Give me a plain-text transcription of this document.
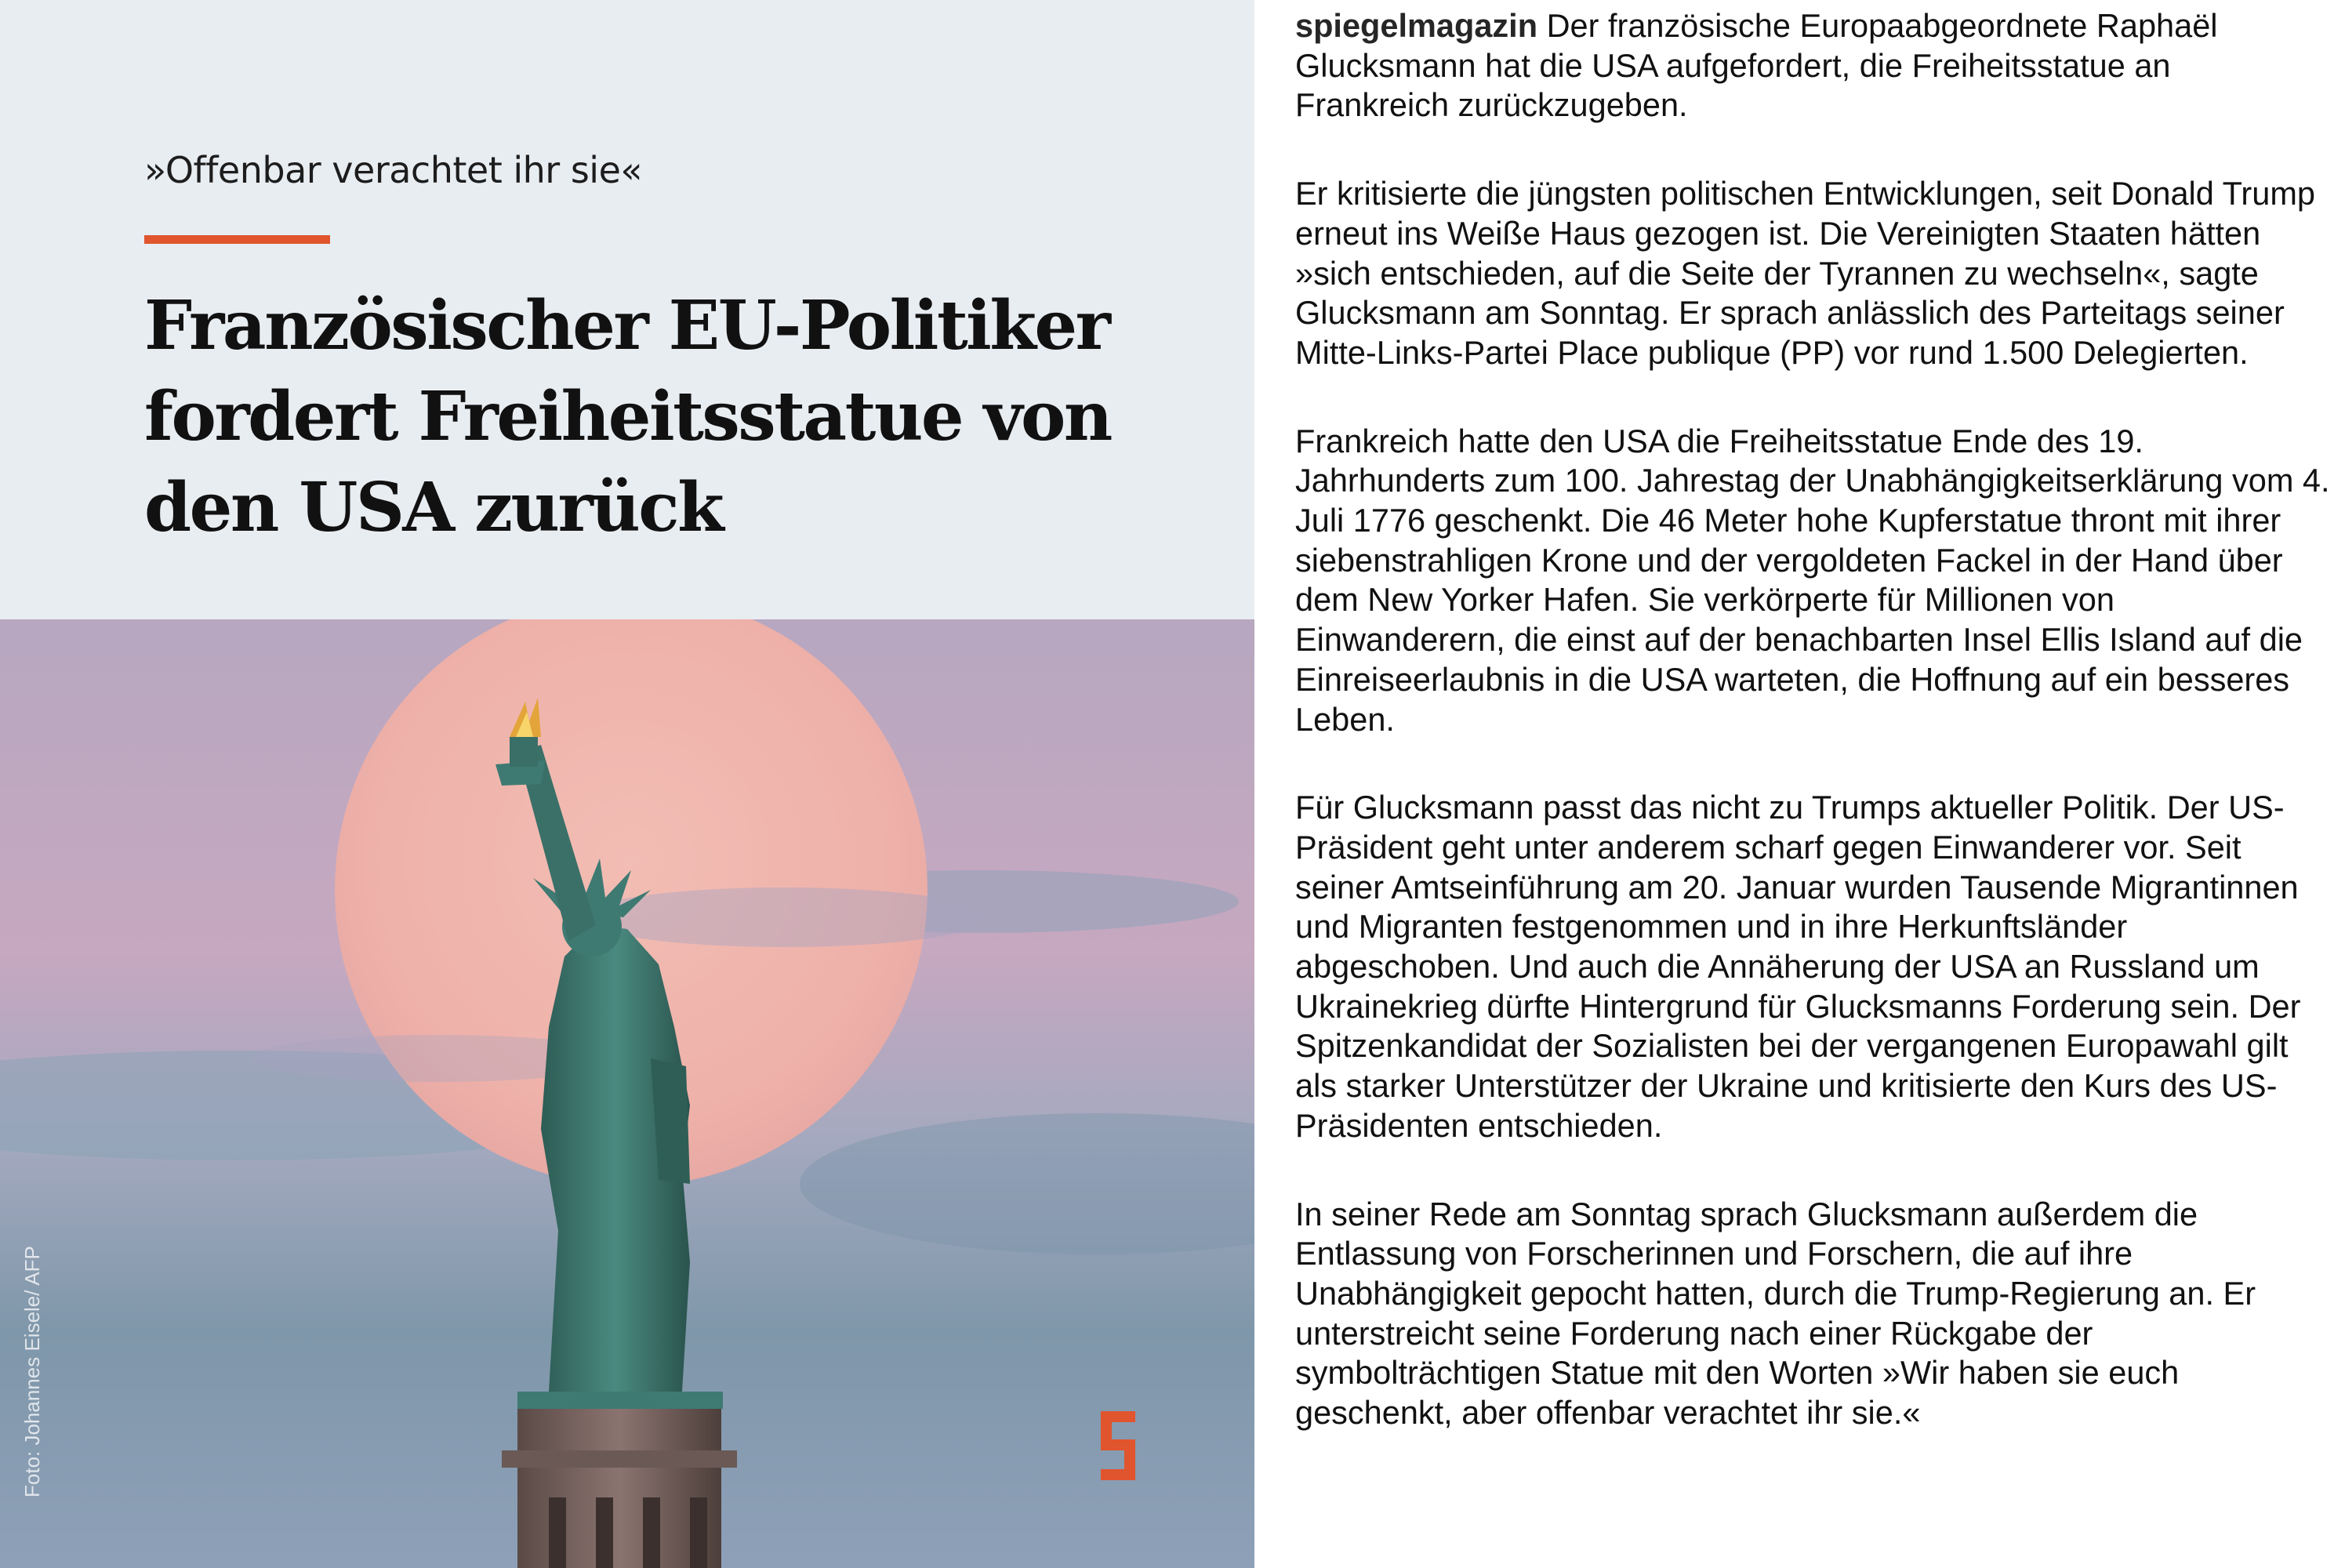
»Offenbar verachtet ihr sie«
Französischer EU-Politiker fordert Freiheitsstatue von den USA zurück
Foto: Johannes Eisele/ AFP

spiegelmagazin Der französische Europaabgeordnete Raphaël Glucksmann hat die USA aufgefordert, die Freiheitsstatue an Frankreich zurückzugeben.

Er kritisierte die jüngsten politischen Entwicklungen, seit Donald Trump erneut ins Weiße Haus gezogen ist. Die Vereinigten Staaten hätten »sich entschieden, auf die Seite der Tyrannen zu wechseln«, sagte Glucksmann am Sonntag. Er sprach anlässlich des Parteitags seiner Mitte-Links-Partei Place publique (PP) vor rund 1.500 Delegierten.

Frankreich hatte den USA die Freiheitsstatue Ende des 19. Jahrhunderts zum 100. Jahrestag der Unabhängigkeitserklärung vom 4. Juli 1776 geschenkt. Die 46 Meter hohe Kupferstatue thront mit ihrer siebenstrahligen Krone und der vergoldeten Fackel in der Hand über dem New Yorker Hafen. Sie verkörperte für Millionen von Einwanderern, die einst auf der benachbarten Insel Ellis Island auf die Einreiseerlaubnis in die USA warteten, die Hoffnung auf ein besseres Leben.

Für Glucksmann passt das nicht zu Trumps aktueller Politik. Der US-Präsident geht unter anderem scharf gegen Einwanderer vor. Seit seiner Amtseinführung am 20. Januar wurden Tausende Migrantinnen und Migranten festgenommen und in ihre Herkunftsländer abgeschoben. Und auch die Annäherung der USA an Russland um Ukrainekrieg dürfte Hintergrund für Glucksmanns Forderung sein. Der Spitzenkandidat der Sozialisten bei der vergangenen Europawahl gilt als starker Unterstützer der Ukraine und kritisierte den Kurs des US-Präsidenten entschieden.

In seiner Rede am Sonntag sprach Glucksmann außerdem die Entlassung von Forscherinnen und Forschern, die auf ihre Unabhängigkeit gepocht hatten, durch die Trump-Regierung an. Er unterstreicht seine Forderung nach einer Rückgabe der symbolträchtigen Statue mit den Worten »Wir haben sie euch geschenkt, aber offenbar verachtet ihr sie.«
